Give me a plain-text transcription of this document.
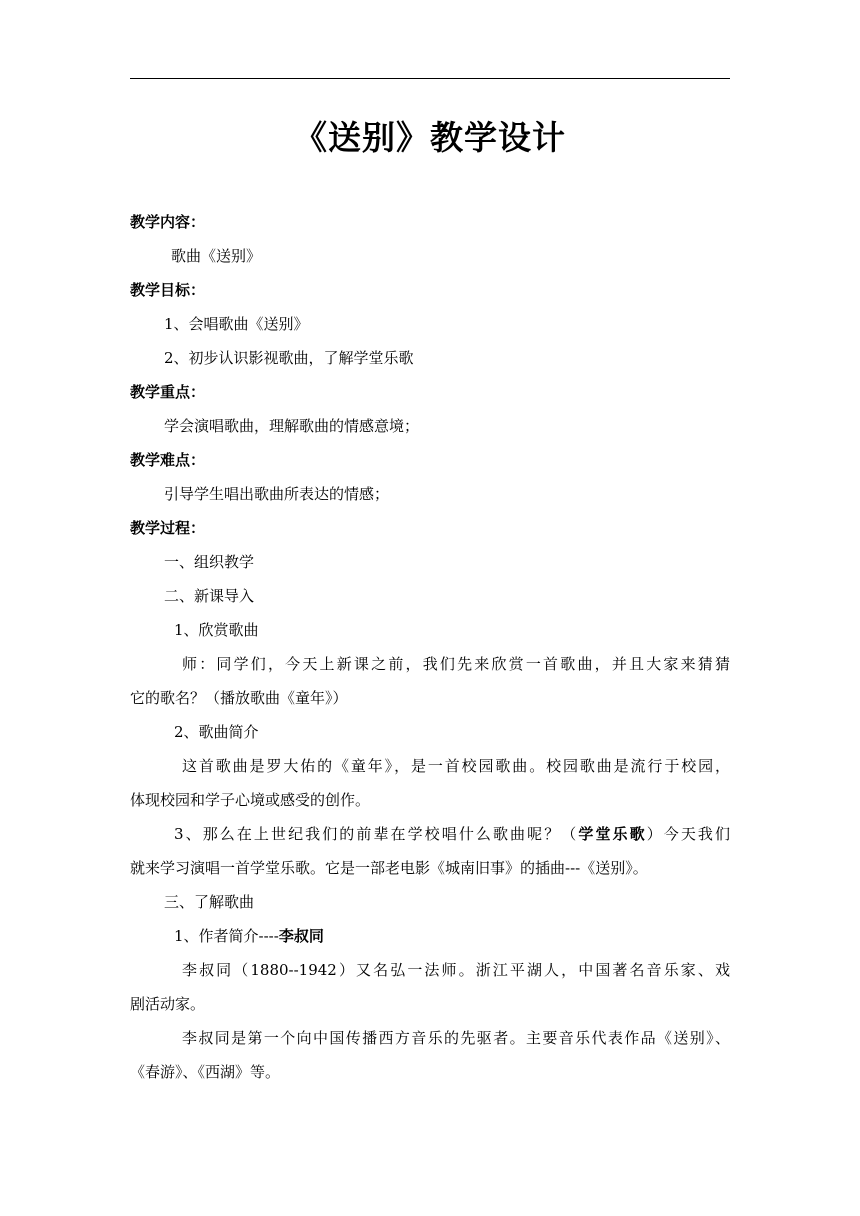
《送别》教学设计
教学内容：
歌曲《送别》
教学目标：
1、会唱歌曲《送别》
2、初步认识影视歌曲，了解学堂乐歌
教学重点：
学会演唱歌曲，理解歌曲的情感意境；
教学难点：
引导学生唱出歌曲所表达的情感；
教学过程：
一、组织教学
二、新课导入
1、欣赏歌曲
师：同学们，今天上新课之前，我们先来欣赏一首歌曲，并且大家来猜猜
它的歌名？（播放歌曲《童年》）
2、歌曲简介
这首歌曲是罗大佑的《童年》，是一首校园歌曲。校园歌曲是流行于校园，
体现校园和学子心境或感受的创作。
3、那么在上世纪我们的前辈在学校唱什么歌曲呢？（学堂乐歌）今天我们
就来学习演唱一首学堂乐歌。它是一部老电影《城南旧事》的插曲---《送别》。
三、了解歌曲
1、作者简介----李叔同
李叔同（1880--1942）又名弘一法师。浙江平湖人，中国著名音乐家、戏
剧活动家。
李叔同是第一个向中国传播西方音乐的先驱者。主要音乐代表作品《送别》、
《春游》、《西湖》等。
